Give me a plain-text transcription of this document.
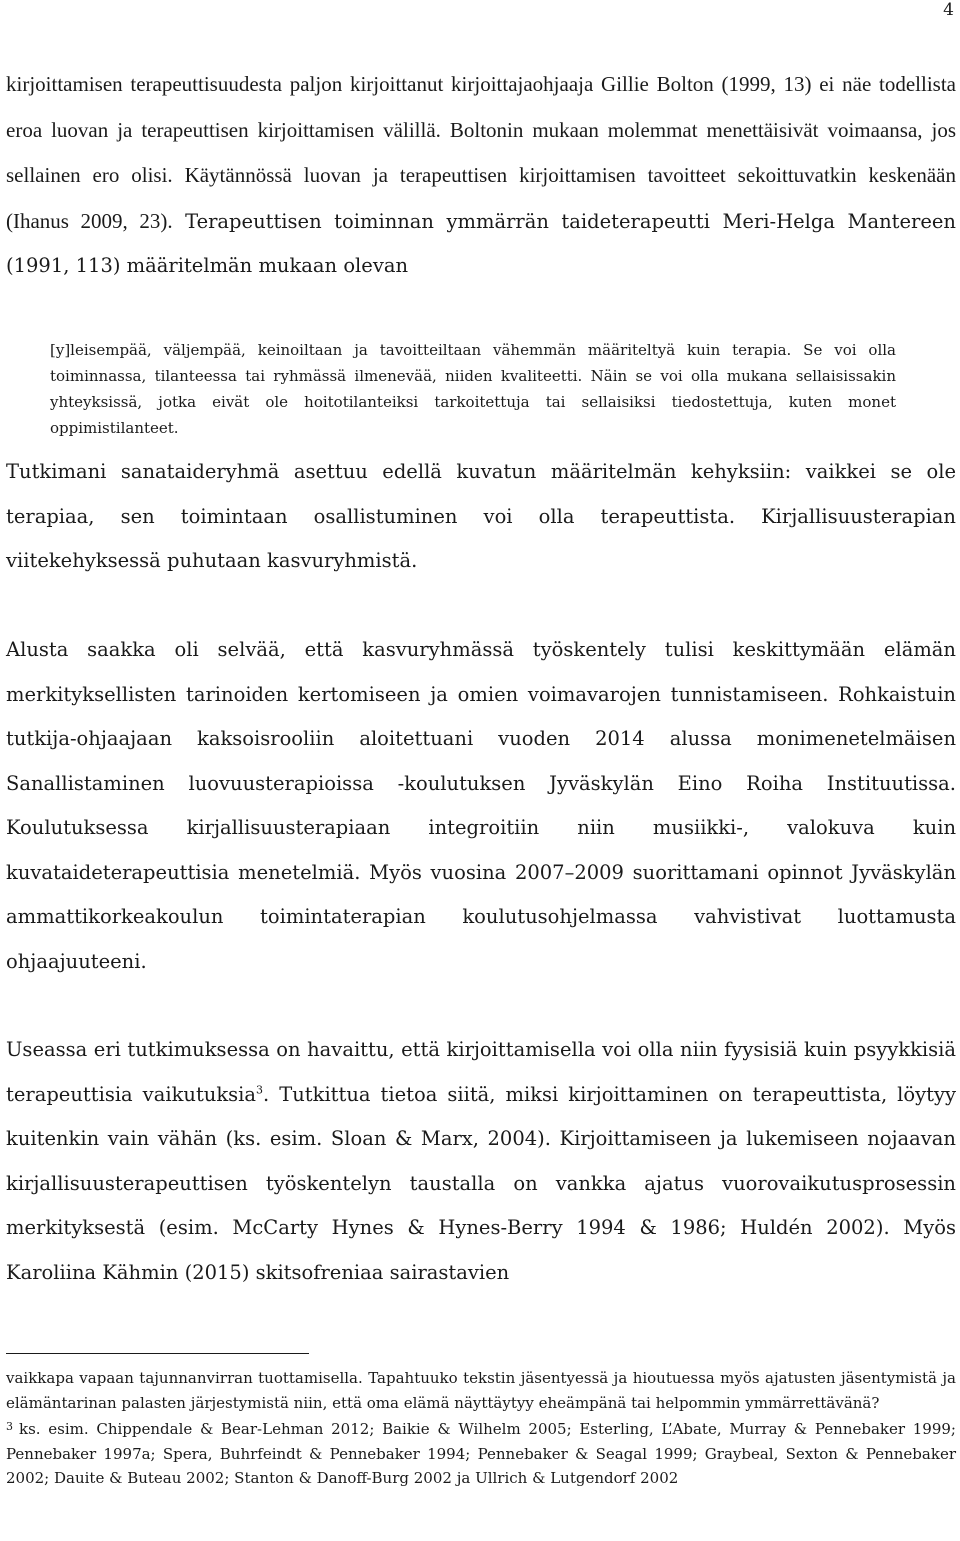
4

kirjoittamisen terapeuttisuudesta paljon kirjoittanut kirjoittajaohjaaja Gillie Bolton (1999, 13) ei näe todellista eroa luovan ja terapeuttisen kirjoittamisen välillä. Boltonin mukaan molemmat menettäisivät voimaansa, jos sellainen ero olisi. Käytännössä luovan ja terapeuttisen kirjoittamisen tavoitteet sekoittuvatkin keskenään (Ihanus 2009, 23). Terapeuttisen toiminnan ymmärrän taideterapeutti Meri-Helga Mantereen (1991, 113) määritelmän mukaan olevan

[y]leisempää, väljempää, keinoiltaan ja tavoitteiltaan vähemmän määriteltyä kuin terapia. Se voi olla toiminnassa, tilanteessa tai ryhmässä ilmenevää, niiden kvaliteetti. Näin se voi olla mukana sellaisissakin yhteyksissä, jotka eivät ole hoitotilanteiksi tarkoitettuja tai sellaisiksi tiedostettuja, kuten monet oppimistilanteet.

Tutkimani sanataideryhmä asettuu edellä kuvatun määritelmän kehyksiin: vaikkei se ole terapiaa, sen toimintaan osallistuminen voi olla terapeuttista. Kirjallisuusterapian viitekehyksessä puhutaan kasvuryhmistä.

Alusta saakka oli selvää, että kasvuryhmässä työskentely tulisi keskittymään elämän merkityksellisten tarinoiden kertomiseen ja omien voimavarojen tunnistamiseen. Rohkaistuin tutkija-ohjaajaan kaksoisrooliin aloitettuani vuoden 2014 alussa monimenetelmäisen Sanallistaminen luovuusterapioissa -koulutuksen Jyväskylän Eino Roiha Instituutissa. Koulutuksessa kirjallisuusterapiaan integroitiin niin musiikki-, valokuva kuin kuvataideterapeuttisia menetelmiä. Myös vuosina 2007–2009 suorittamani opinnot Jyväskylän ammattikorkeakoulun toimintaterapian koulutusohjelmassa vahvistivat luottamusta ohjaajuuteeni.

Useassa eri tutkimuksessa on havaittu, että kirjoittamisella voi olla niin fyysisiä kuin psyykkisiä terapeuttisia vaikutuksia$^3$. Tutkittua tietoa siitä, miksi kirjoittaminen on terapeuttista, löytyy kuitenkin vain vähän (ks. esim. Sloan & Marx, 2004). Kirjoittamiseen ja lukemiseen nojaavan kirjallisuusterapeuttisen työskentelyn taustalla on vankka ajatus vuorovaikutusprosessin merkityksestä (esim. McCarty Hynes & Hynes-Berry 1994 & 1986; Huldén 2002). Myös Karoliina Kähmin (2015) skitsofreniaa sairastavien

vaikkapa vapaan tajunnanvirran tuottamisella. Tapahtuuko tekstin jäsentyessä ja hioutuessa myös ajatusten jäsentymistä ja elämäntarinan palasten järjestymistä niin, että oma elämä näyttäytyy eheämpänä tai helpommin ymmärrettävänä?

$^3$ ks. esim. Chippendale & Bear-Lehman 2012; Baikie & Wilhelm 2005; Esterling, L’Abate, Murray & Pennebaker 1999; Pennebaker 1997a; Spera, Buhrfeindt & Pennebaker 1994; Pennebaker & Seagal 1999; Graybeal, Sexton & Pennebaker 2002; Dauite & Buteau 2002; Stanton & Danoff-Burg 2002 ja Ullrich & Lutgendorf 2002
